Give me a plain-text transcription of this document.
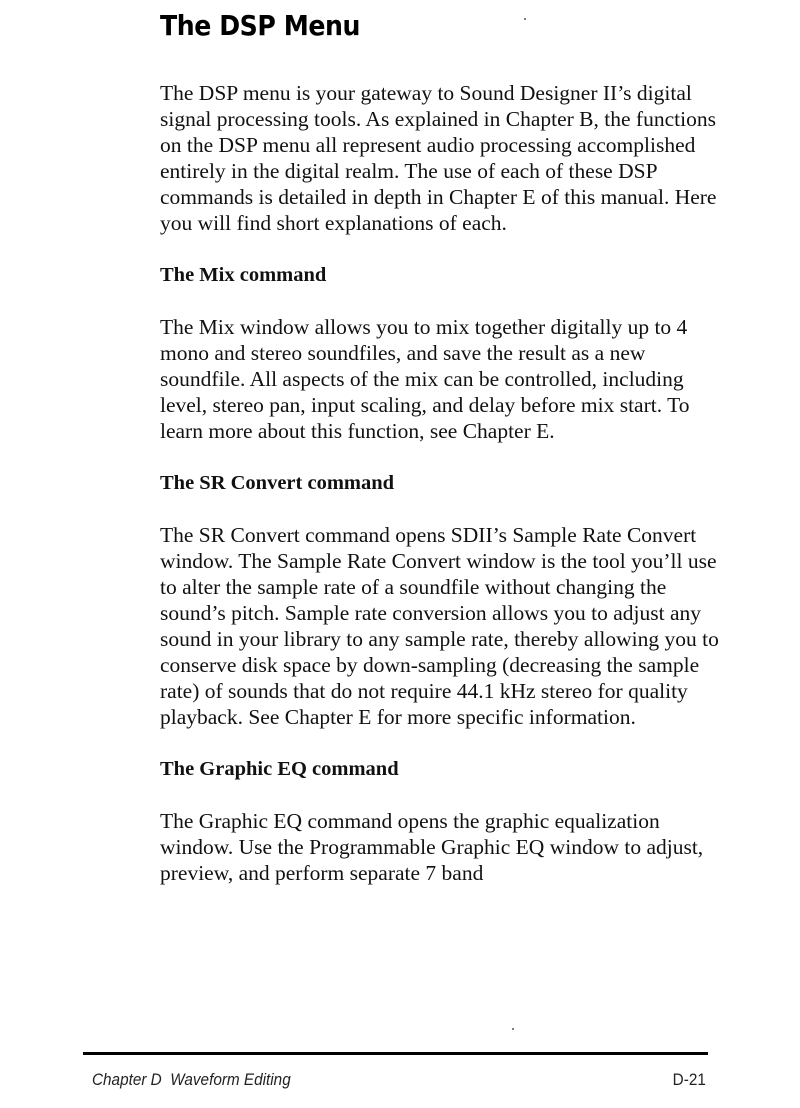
The DSP Menu

The DSP menu is your gateway to Sound Designer II’s digital signal processing tools. As explained in Chapter B, the functions on the DSP menu all represent audio processing accomplished entirely in the digital realm. The use of each of these DSP commands is detailed in depth in Chapter E of this manual. Here you will find short explanations of each.

The Mix command

The Mix window allows you to mix together digitally up to 4 mono and stereo soundfiles, and save the result as a new soundfile. All aspects of the mix can be controlled, including level, stereo pan, input scaling, and delay before mix start. To learn more about this function, see Chapter E.

The SR Convert command

The SR Convert command opens SDII’s Sample Rate Convert window. The Sample Rate Convert window is the tool you’ll use to alter the sample rate of a soundfile without changing the sound’s pitch. Sample rate conversion allows you to adjust any sound in your library to any sample rate, thereby allowing you to conserve disk space by down-sampling (decreasing the sample rate) of sounds that do not require 44.1 kHz stereo for quality playback. See Chapter E for more specific information.

The Graphic EQ command

The Graphic EQ command opens the graphic equalization window. Use the Programmable Graphic EQ window to adjust, preview, and perform separate 7 band

Chapter D  Waveform Editing	D-21
